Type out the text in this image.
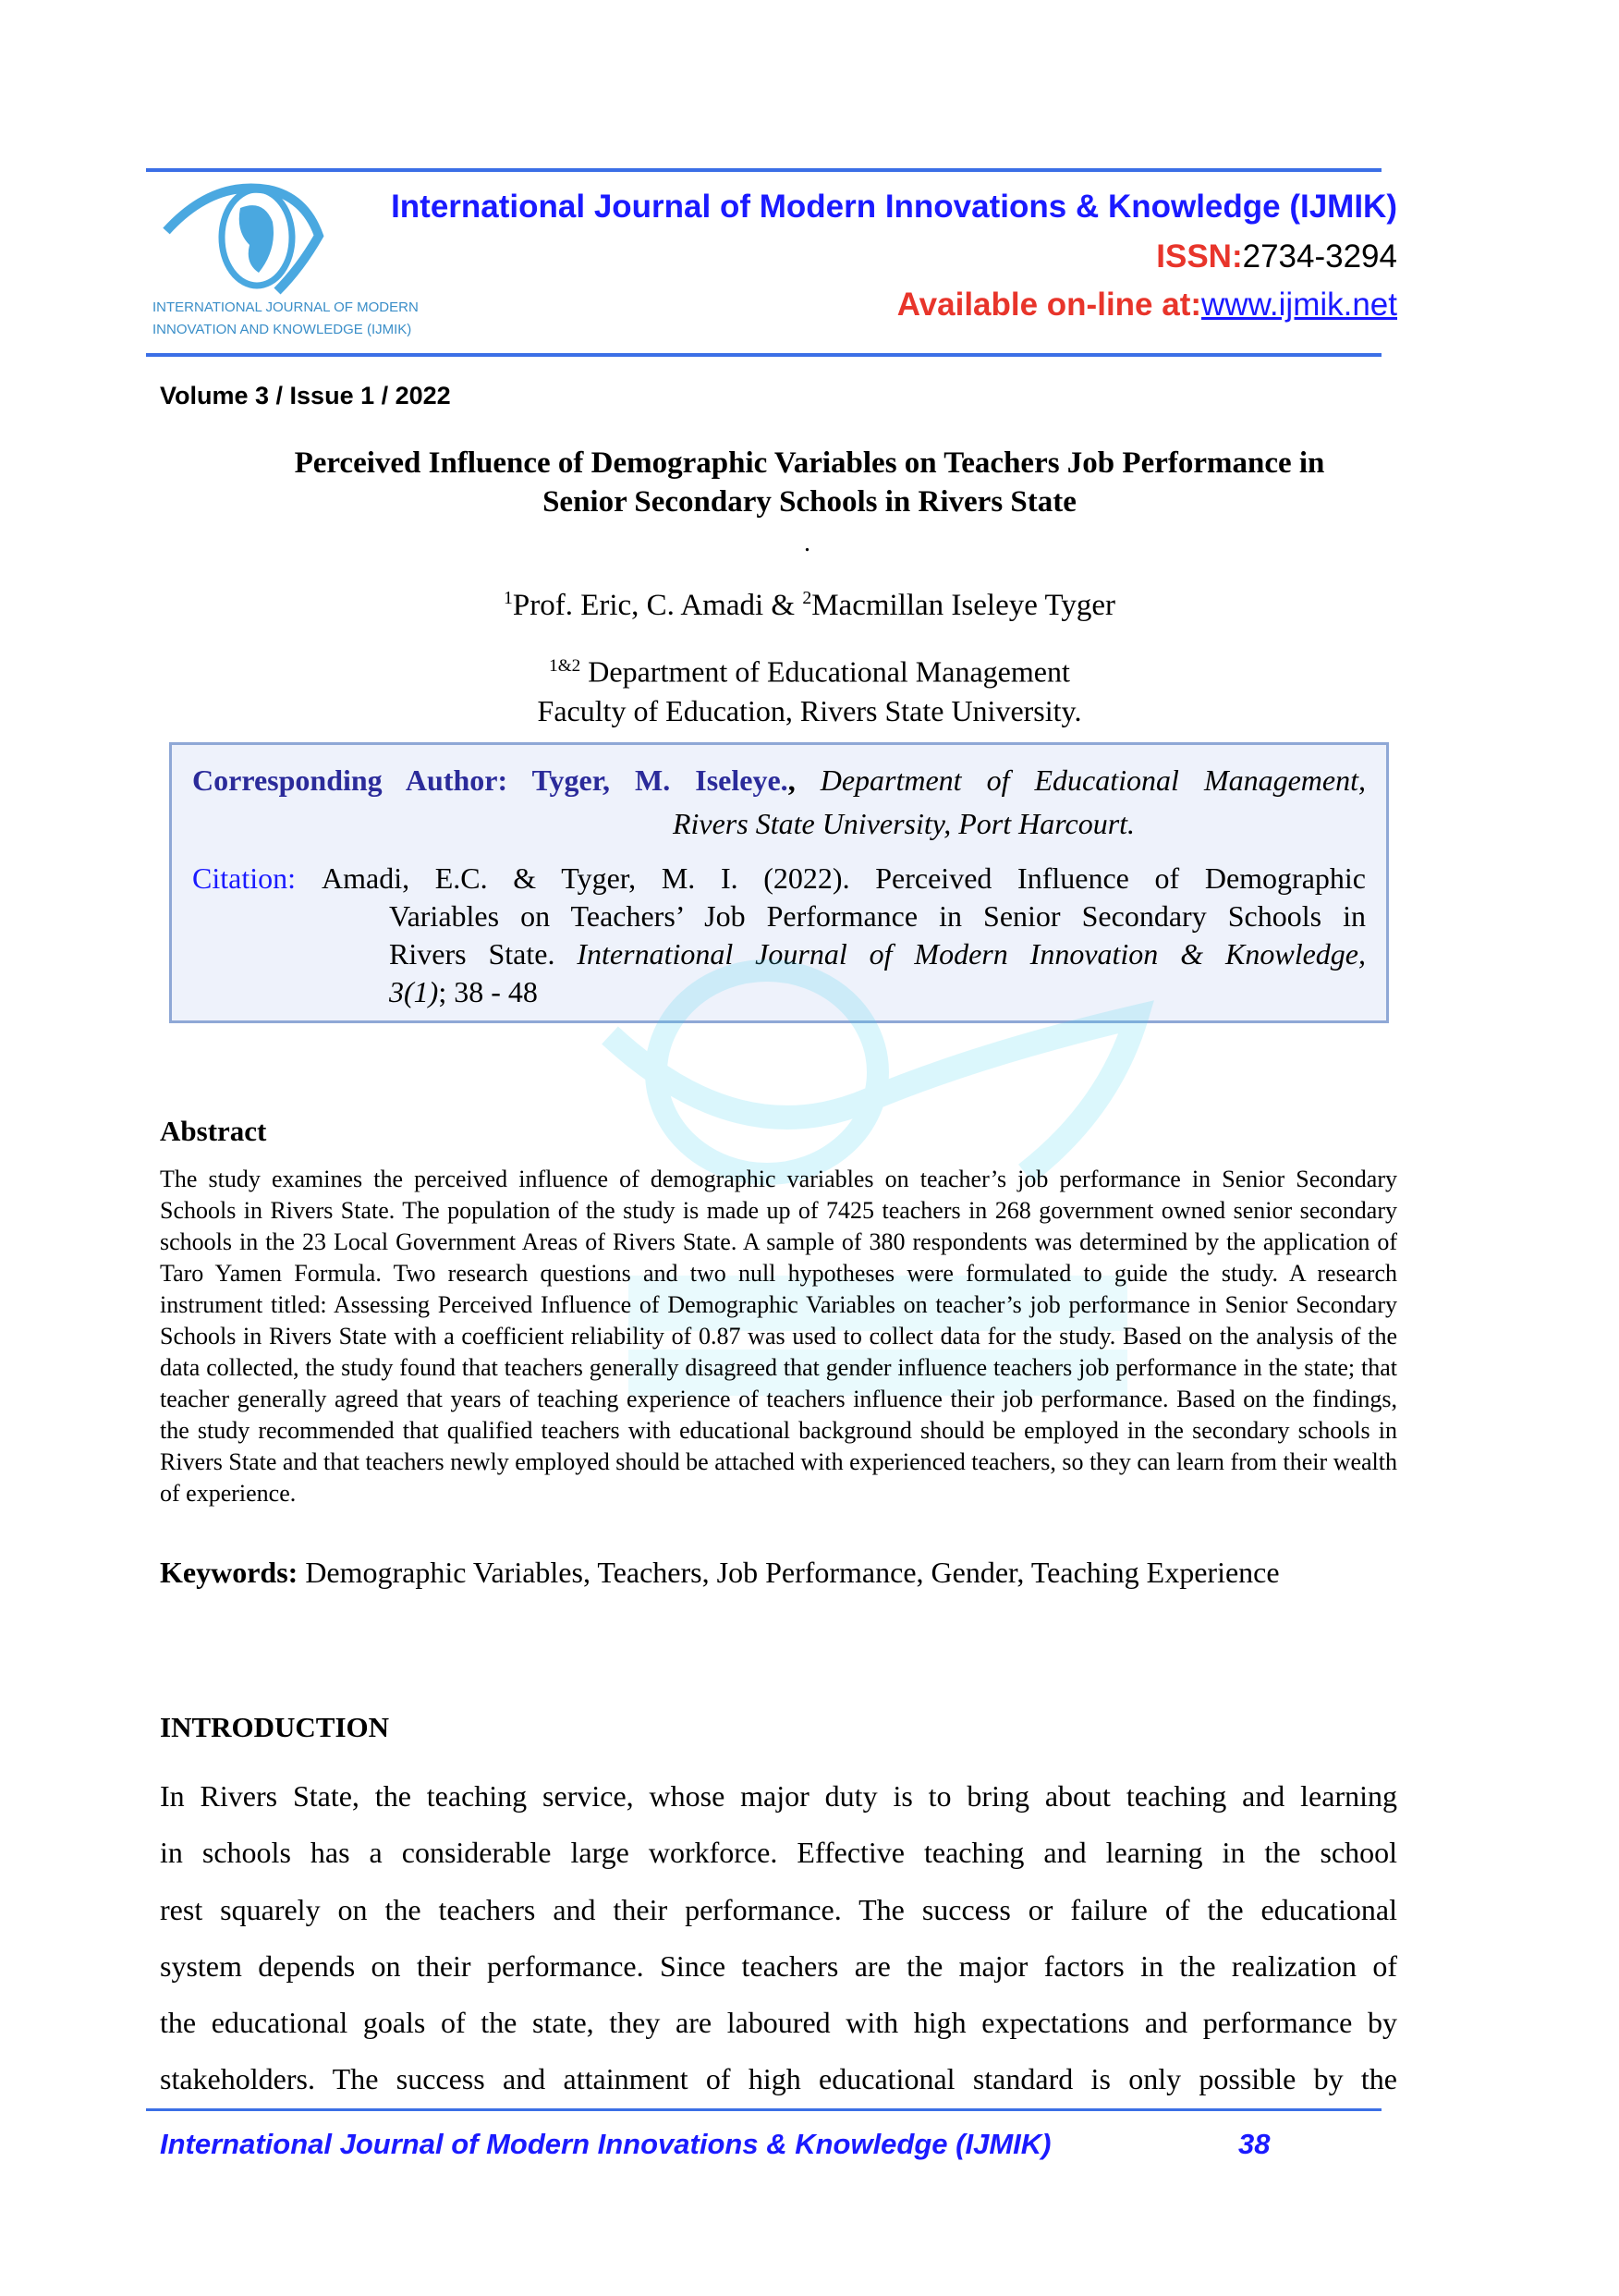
INTERNATIONAL JOURNAL OF MODERN
INNOVATION AND KNOWLEDGE (IJMIK)
International Journal of Modern Innovations & Knowledge (IJMIK)
ISSN:2734-3294
Available on-line at:www.ijmik.net
Volume 3 / Issue 1 / 2022
Perceived Influence of Demographic Variables on Teachers Job Performance in
Senior Secondary Schools in Rivers State
.
$^1$Prof. Eric, C. Amadi & $^2$Macmillan Iseleye Tyger
$^{1\&2}$ Department of Educational Management
Faculty of Education, Rivers State University.
Corresponding Author: Tyger, M. Iseleye., Department of Educational Management,
Rivers State University, Port Harcourt.
Citation: Amadi, E.C. & Tyger, M. I. (2022). Perceived Influence of Demographic
Variables on Teachers’ Job Performance in Senior Secondary Schools in
Rivers State. International Journal of Modern Innovation & Knowledge,
3(1); 38 - 48
Abstract
The study examines the perceived influence of demographic variables on teacher’s job performance in Senior Secondary Schools in Rivers State. The population of the study is made up of 7425 teachers in 268 government owned senior secondary schools in the 23 Local Government Areas of Rivers State. A sample of 380 respondents was determined by the application of Taro Yamen Formula. Two research questions and two null hypotheses were formulated to guide the study. A research instrument titled: Assessing Perceived Influence of Demographic Variables on teacher’s job performance in Senior Secondary Schools in Rivers State with a coefficient reliability of 0.87 was used to collect data for the study. Based on the analysis of the data collected, the study found that teachers generally disagreed that gender influence teachers job performance in the state; that teacher generally agreed that years of teaching experience of teachers influence their job performance. Based on the findings, the study recommended that qualified teachers with educational background should be employed in the secondary schools in Rivers State and that teachers newly employed should be attached with experienced teachers, so they can learn from their wealth of experience.
Keywords: Demographic Variables, Teachers, Job Performance, Gender, Teaching Experience
INTRODUCTION
In Rivers State, the teaching service, whose major duty is to bring about teaching and learning
in schools has a considerable large workforce. Effective teaching and learning in the school
rest squarely on the teachers and their performance. The success or failure of the educational
system depends on their performance. Since teachers are the major factors in the realization of
the educational goals of the state, they are laboured with high expectations and performance by
stakeholders. The success and attainment of high educational standard is only possible by the
International Journal of Modern Innovations & Knowledge (IJMIK)	38
